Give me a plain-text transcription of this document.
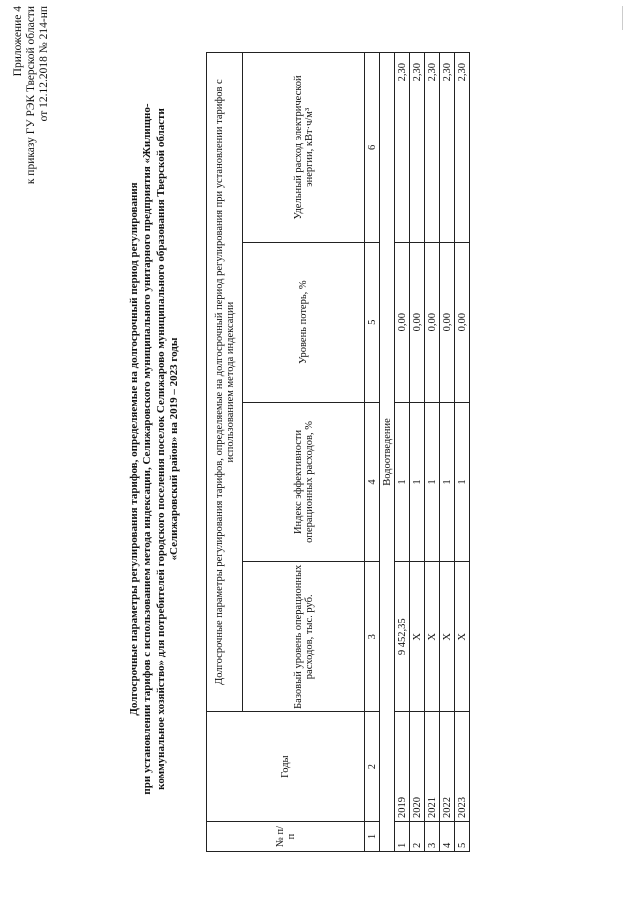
Приложение 4 к приказу ГУ РЭК Тверской области от 12.12.2018 № 214-нп
Долгосрочные параметры регулирования тарифов, определяемые на долгосрочный период регулирования при установлении тарифов с использованием метода индексации, Селижаровского муниципального унитарного предприятия «Жилищно- коммунальное хозяйство» для потребителей городского поселения поселок Селижарово муниципального образования Тверской области «Селижаровский район» на 2019 – 2023 годы
№ п/п	Годы	Долгосрочные параметры регулирования тарифов, определяемые на долгосрочный период регулирования при установлении тарифов с использованием метода индексации			
		Базовый уровень операционных расходов, тыс. руб.	Индекс эффективности операционных расходов, %	Уровень потерь, %	Удельный расход электрической энергии, кВт·ч/м³
1	2	3	4	5	6
Водоотведение					
1	2019	9 452,35	1	0,00	2,30
2	2020	X	1	0,00	2,30
3	2021	X	1	0,00	2,30
4	2022	X	1	0,00	2,30
5	2023	X	1	0,00	2,30
